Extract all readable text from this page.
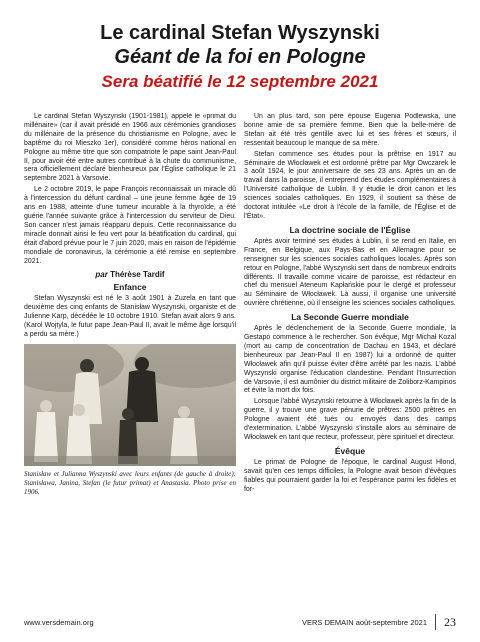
Le cardinal Stefan Wyszynski
Géant de la foi en Pologne
Sera béatifié le 12 septembre 2021

Le cardinal Stefan Wyszynski (1901-1981), appelé le «primat du millénaire» (car il avait présidé en 1966 aux cérémonies grandioses du millénaire de la présence du christianisme en Pologne, avec le baptême du roi Mieszko 1er), considéré comme héros national en Pologne au même titre que son compatriote le pape saint Jean-Paul II, pour avoir été entre autres contribué à la chute du communisme, sera officiellement déclaré bienheureux par l'Église catholique le 21 septembre 2021 à Varsovie.

Le 2 octobre 2019, le pape François reconnaissait un miracle dû à l'intercession du défunt cardinal – une jeune femme âgée de 19 ans en 1988, atteinte d'une tumeur incurable à la thyroïde, a été guérie l'année suivante grâce à l'intercession du serviteur de Dieu. Son cancer n'est jamais réapparu depuis. Cette reconnaissance du miracle donnait ainsi le feu vert pour la béatification du cardinal, qui était d'abord prévue pour le 7 juin 2020, mais en raison de l'épidémie mondiale de coronavirus, la cérémonie a été remise en septembre 2021.

par Thérèse Tardif
Enfance

Stefan Wyszynski est né le 3 août 1901 à Zuzela en tant que deuxième des cinq enfants de Stanisław Wyszynski, organiste et de Julienne Karp, décédée le 10 octobre 1910. Stefan avait alors 9 ans. (Karol Wojtyla, le futur pape Jean-Paul II, avait le même âge lorsqu'il a perdu sa mère.)

Stanisław et Julianna Wyszynski avec leurs enfants (de gauche à droite): Stanisława, Janina, Stefan (le futur primat) et Anastasia. Photo prise en 1906.

Un an plus tard, son père épouse Eugenia Podlewska, une bonne amie de sa première femme. Bien que la belle-mère de Stefan ait été très gentille avec lui et ses frères et sœurs, il ressentait beaucoup le manque de sa mère.

Stefan commence ses études pour la prêtrise en 1917 au Séminaire de Włocławek et est ordonné prêtre par Mgr Owczarek le 3 août 1924, le jour anniversaire de ses 23 ans. Après un an de travail dans la paroisse, il entreprend des études complémentaires à l'Université catholique de Lublin. Il y étudie le droit canon et les sciences sociales catholiques. En 1929, il soutient sa thèse de doctorat intitulée «Le droit à l'école de la famille, de l'Église et de l'État».

La doctrine sociale de l'Église

Après avoir terminé ses études à Lublin, il se rend en Italie, en France, en Belgique, aux Pays-Bas et en Allemagne pour se renseigner sur les sciences sociales catholiques locales. Après son retour en Pologne, l'abbé Wyszynski sert dans de nombreux endroits différents. Il travaille comme vicaire de paroisse, est rédacteur en chef du mensuel Ateneum Kapłańskie pour le clergé et professeur au Séminaire de Włocławek. Là aussi, il organise une université ouvrière chrétienne, où il enseigne les sciences sociales catholiques.

La Seconde Guerre mondiale

Après le déclenchement de la Seconde Guerre mondiale, la Gestapo commence à le rechercher. Son évêque, Mgr Michał Kozal (mort au camp de concentration de Dachau en 1943, et déclaré bienheureux par Jean-Paul II en 1987) lui a ordonné de quitter Włocławek afin qu'il puisse éviter d'être arrêté par les nazis. L'abbé Wyszynski organise l'éducation clandestine. Pendant l'Insurrection de Varsovie, il est aumônier du district militaire de Żoliborz-Kampinos et évite la mort dix fois.

Lorsque l'abbé Wyszynski retourne à Włocławek après la fin de la guerre, il y trouve une grave pénurie de prêtres: 2500 prêtres en Pologne avaient été tués ou envoyés dans des camps d'extermination. L'abbé Wyszynski s'installe alors au séminaire de Włocławek en tant que recteur, professeur, père spirituel et directeur.

Évêque

Le primat de Pologne de l'époque, le cardinal August Hlond, savait qu'en ces temps difficiles, la Pologne avait besoin d'évêques fiables qui pourraient garder la foi et l'espérance parmi les fidèles et for-

www.versdemain.org	VERS DEMAIN août-septembre 2021 23
